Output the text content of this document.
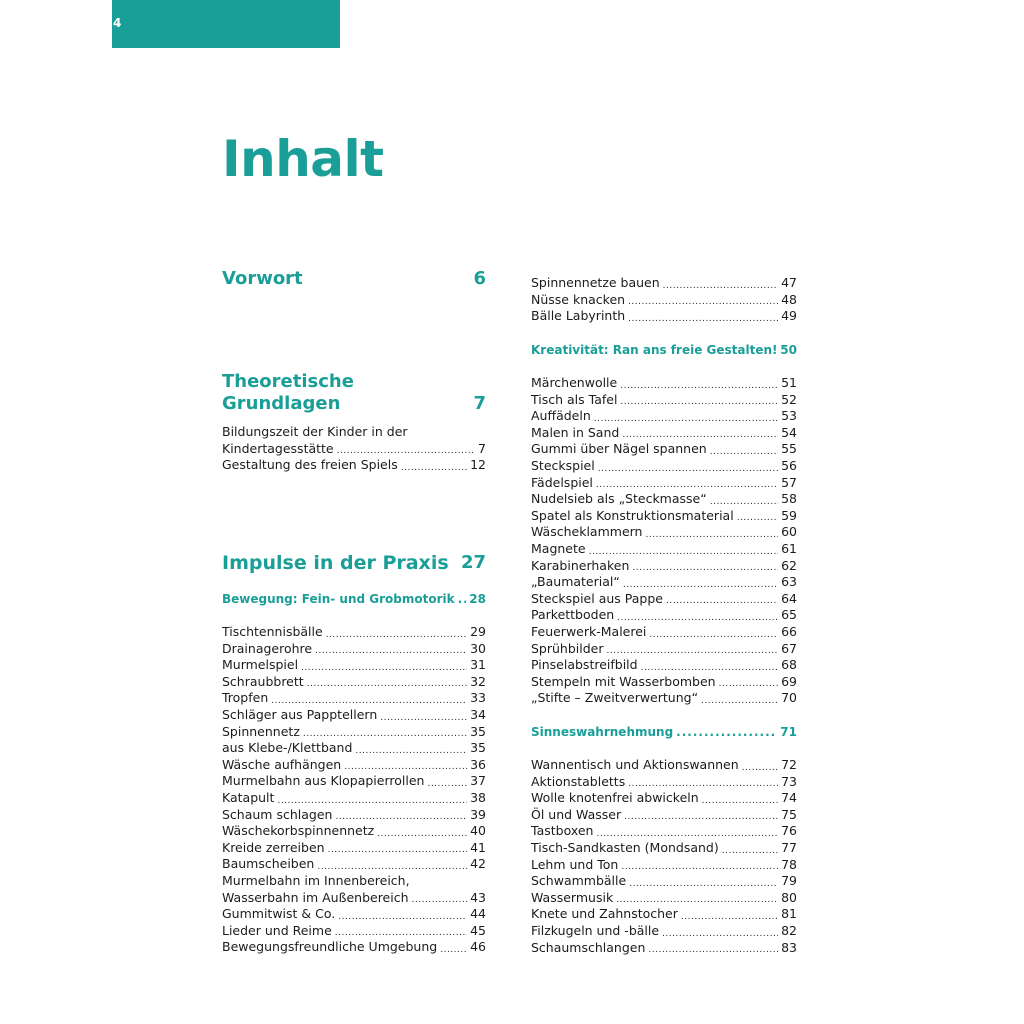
4
Inhalt
Vorwort	6
Theoretische
Grundlagen	7
Bildungszeit der Kinder in der
Kindertagesstätte .....	7
Gestaltung des freien Spiels .....	12
Impulse in der Praxis 27
Bewegung: Fein- und Grobmotorik ..... 28
Tischtennisbälle .....	29
Drainagerohre .....	30
Murmelspiel .....	31
Schraubbrett .....	32
Tropfen .....	33
Schläger aus Papptellern .....	34
Spinnennetz .....	35
aus Klebe-/Klettband .....	35
Wäsche aufhängen .....	36
Murmelbahn aus Klopapierrollen .....	37
Katapult .....	38
Schaum schlagen .....	39
Wäschekorbspinnennetz .....	40
Kreide zerreiben .....	41
Baumscheiben .....	42
Murmelbahn im Innenbereich,
Wasserbahn im Außenbereich .....	43
Gummitwist & Co. .....	44
Lieder und Reime .....	45
Bewegungsfreundliche Umgebung .....	46
Spinnennetze bauen .....	47
Nüsse knacken .....	48
Bälle Labyrinth .....	49
Kreativität: Ran ans freie Gestalten! 50
Märchenwolle .....	51
Tisch als Tafel .....	52
Auffädeln .....	53
Malen in Sand .....	54
Gummi über Nägel spannen .....	55
Steckspiel .....	56
Fädelspiel .....	57
Nudelsieb als „Steckmasse“ .....	58
Spatel als Konstruktionsmaterial .....	59
Wäscheklammern .....	60
Magnete .....	61
Karabinerhaken .....	62
„Baumaterial“ .....	63
Steckspiel aus Pappe .....	64
Parkettboden .....	65
Feuerwerk-Malerei .....	66
Sprühbilder .....	67
Pinselabstreifbild .....	68
Stempeln mit Wasserbomben .....	69
„Stifte – Zweitverwertung“ .....	70
Sinneswahrnehmung .....	71
Wannentisch und Aktionswannen .....	72
Aktionstabletts .....	73
Wolle knotenfrei abwickeln .....	74
Öl und Wasser .....	75
Tastboxen .....	76
Tisch-Sandkasten (Mondsand) .....	77
Lehm und Ton .....	78
Schwammbälle .....	79
Wassermusik .....	80
Knete und Zahnstocher .....	81
Filzkugeln und -bälle .....	82
Schaumschlangen .....	83
